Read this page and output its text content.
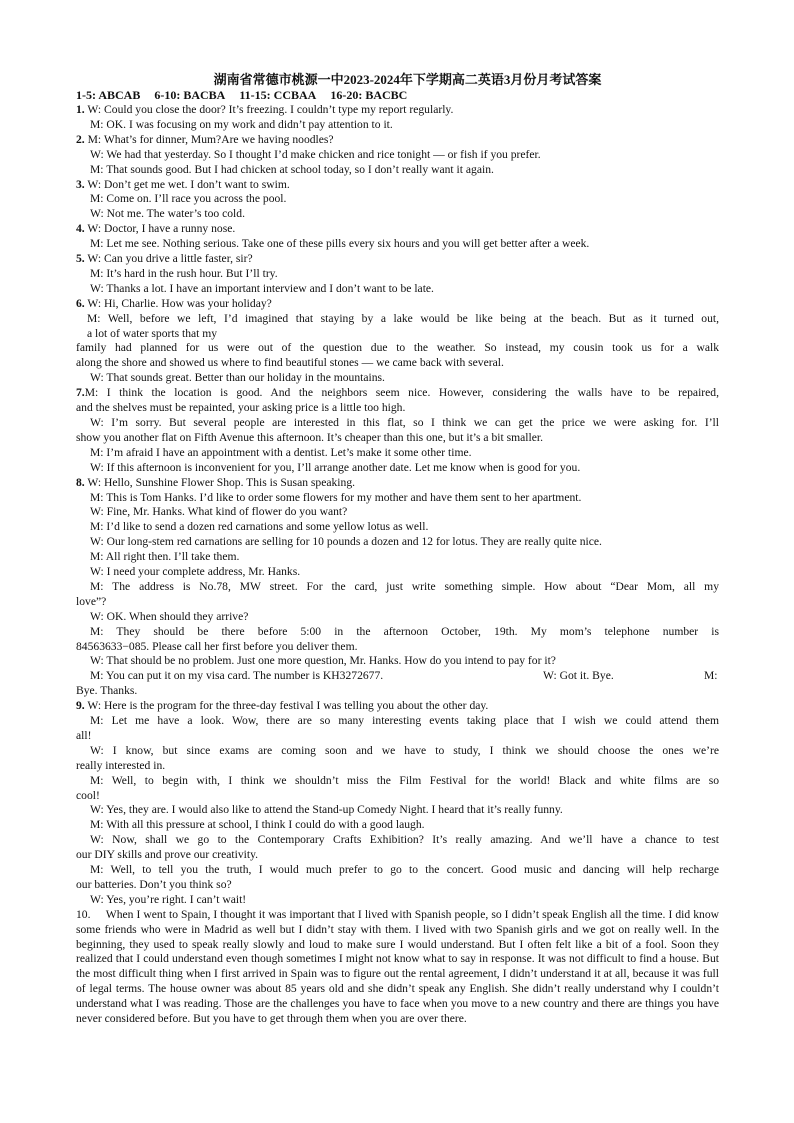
湖南省常德市桃源一中2023-2024年下学期高二英语3月份月考试答案
1-5: ABCAB 6-10: BACBA 11-15: CCBAA 16-20: BACBC
1. W: Could you close the door? It’s freezing. I couldn’t type my report regularly.
M: OK. I was focusing on my work and didn’t pay attention to it.
2. M: What’s for dinner, Mum?Are we having noodles?
W: We had that yesterday. So I thought I’d make chicken and rice tonight — or fish if you prefer.
M: That sounds good. But I had chicken at school today, so I don’t really want it again.
3. W: Don’t get me wet. I don’t want to swim.
M: Come on. I’ll race you across the pool.
W: Not me. The water’s too cold.
4. W: Doctor, I have a runny nose.
M: Let me see. Nothing serious. Take one of these pills every six hours and you will get better after a week.
5. W: Can you drive a little faster, sir?
M: It’s hard in the rush hour. But I’ll try.
W: Thanks a lot. I have an important interview and I don’t want to be late.
6. W: Hi, Charlie. How was your holiday?
M: Well, before we left, I’d imagined that staying by a lake would be like being at the beach. But as it turned out,
a lot of water sports that my
family had planned for us were out of the question due to the weather. So instead, my cousin took us for a walk
along the shore and showed us where to find beautiful stones — we came back with several.
W: That sounds great. Better than our holiday in the mountains.
7.M: I think the location is good. And the neighbors seem nice. However, considering the walls have to be repaired,
and the shelves must be repainted, your asking price is a little too high.
W: I’m sorry. But several people are interested in this flat, so I think we can get the price we were asking for. I’ll
show you another flat on Fifth Avenue this afternoon. It’s cheaper than this one, but it’s a bit smaller.
M: I’m afraid I have an appointment with a dentist. Let’s make it some other time.
W: If this afternoon is inconvenient for you, I’ll arrange another date. Let me know when is good for you.
8. W: Hello, Sunshine Flower Shop. This is Susan speaking.
M: This is Tom Hanks. I’d like to order some flowers for my mother and have them sent to her apartment.
W: Fine, Mr. Hanks. What kind of flower do you want?
M: I’d like to send a dozen red carnations and some yellow lotus as well.
W: Our long-stem red carnations are selling for 10 pounds a dozen and 12 for lotus. They are really quite nice.
M: All right then. I’ll take them.
W: I need your complete address, Mr. Hanks.
M: The address is No.78, MW street. For the card, just write something simple. How about “Dear Mom, all my
love”?
W: OK. When should they arrive?
M: They should be there before 5:00 in the afternoon October, 19th. My mom’s telephone number is
84563633−085. Please call her first before you deliver them.
W: That should be no problem. Just one more question, Mr. Hanks. How do you intend to pay for it?
M: You can put it on my visa card. The number is KH3272677.	W: Got it. Bye.	M:
Bye. Thanks.
9. W: Here is the program for the three-day festival I was telling you about the other day.
M: Let me have a look. Wow, there are so many interesting events taking place that I wish we could attend them
all!
W: I know, but since exams are coming soon and we have to study, I think we should choose the ones we’re
really interested in.
M: Well, to begin with, I think we shouldn’t miss the Film Festival for the world! Black and white films are so
cool!
W: Yes, they are. I would also like to attend the Stand-up Comedy Night. I heard that it’s really funny.
M: With all this pressure at school, I think I could do with a good laugh.
W: Now, shall we go to the Contemporary Crafts Exhibition? It’s really amazing. And we’ll have a chance to test
our DIY skills and prove our creativity.
M: Well, to tell you the truth, I would much prefer to go to the concert. Good music and dancing will help recharge
our batteries. Don’t you think so?
W: Yes, you’re right. I can’t wait!
10. When I went to Spain, I thought it was important that I lived with Spanish people, so I didn’t speak English all the time. I did know some friends who were in Madrid as well but I didn’t stay with them. I lived with two Spanish girls and we got on really well. In the beginning, they used to speak really slowly and loud to make sure I would understand. But I often felt like a bit of a fool. Soon they realized that I could understand even though sometimes I might not know what to say in response. It was not difficult to find a house. But the most difficult thing when I first arrived in Spain was to figure out the rental agreement, I didn’t understand it at all, because it was full of legal terms. The house owner was about 85 years old and she didn’t speak any English. She didn’t really understand why I couldn’t understand what I was reading. Those are the challenges you have to face when you move to a new country and there are things you have never considered before. But you have to get through them when you are over there.
